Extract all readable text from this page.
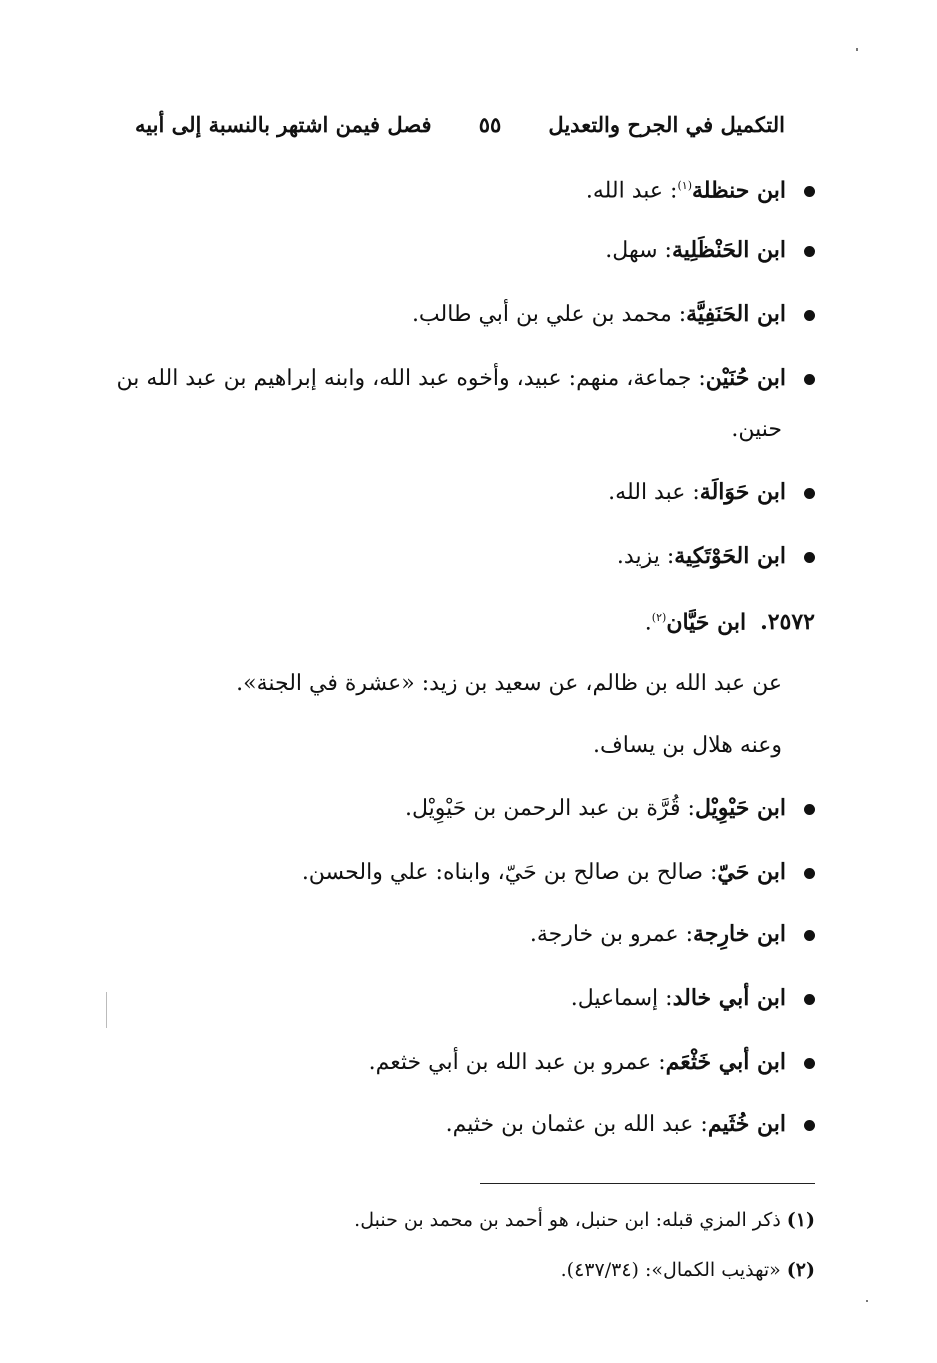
التكميل في الجرح والتعديل
٥٥
فصل فيمن اشتهر بالنسبة إلى أبيه
ابن حنظلة$^{(١)}$: عبد الله.
ابن الحَنْظَلِية: سهل.
ابن الحَنَفِيَّة: محمد بن علي بن أبي طالب.
ابن حُنَيْن: جماعة، منهم: عبيد، وأخوه عبد الله، وابنه إبراهيم بن عبد الله بن
حنين.
ابن حَوَالَة: عبد الله.
ابن الحَوْتَكِية: يزيد.
٢٥٧٢.ابن حَيَّان$^{(٢)}$.
عن عبد الله بن ظالم، عن سعيد بن زيد: «عشرة في الجنة».
وعنه هلال بن يساف.
ابن حَيْوِيْل: قُرَّة بن عبد الرحمن بن حَيْوِيْل.
ابن حَيّ: صالح بن صالح بن حَيّ، وابناه: علي والحسن.
ابن خارِجة: عمرو بن خارجة.
ابن أبي خالد: إسماعيل.
ابن أبي خَثْعَم: عمرو بن عبد الله بن أبي خثعم.
ابن خُثَيم: عبد الله بن عثمان بن خثيم.
(١)ذكر المزي قبله: ابن حنبل، هو أحمد بن محمد بن حنبل.
(٢)«تهذيب الكمال»: (٤٣٧/٣٤).
